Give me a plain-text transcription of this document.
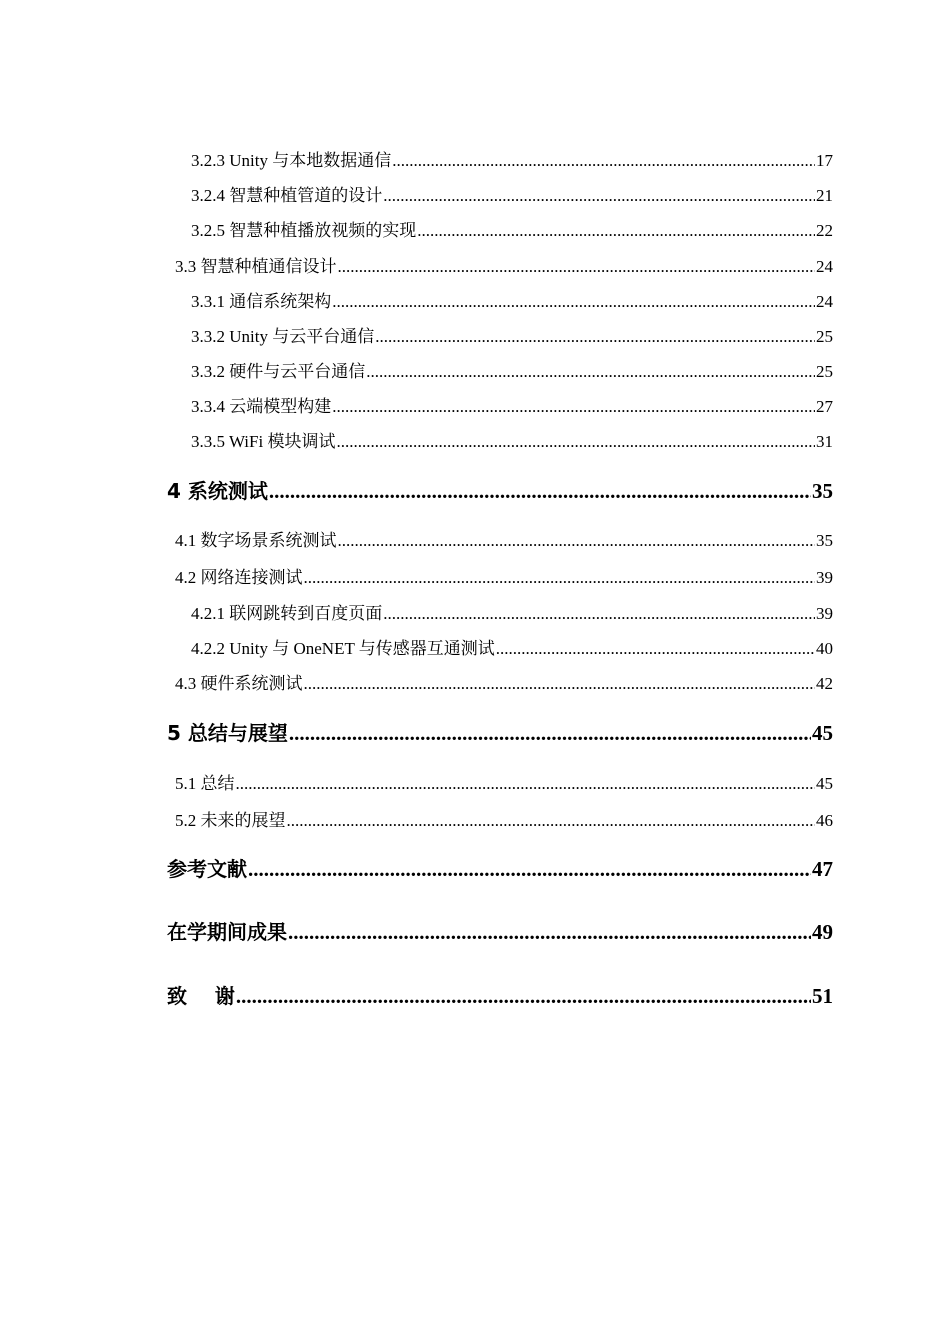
3.2.3 Unity 与本地数据通信 .....	17
3.2.4 智慧种植管道的设计 .....	21
3.2.5 智慧种植播放视频的实现 .....	22
3.3 智慧种植通信设计 .....	24
3.3.1 通信系统架构 .....	24
3.3.2 Unity 与云平台通信 .....	25
3.3.2 硬件与云平台通信 .....	25
3.3.4 云端模型构建 .....	27
3.3.5 WiFi 模块调试 .....	31
4 系统测试 .....	35
4.1 数字场景系统测试 .....	35
4.2 网络连接测试 .....	39
4.2.1 联网跳转到百度页面 .....	39
4.2.2 Unity 与 OneNET 与传感器互通测试 .....	40
4.3 硬件系统测试 .....	42
5 总结与展望 .....	45
5.1 总结 .....	45
5.2 未来的展望 .....	46
参考文献 .....	47
在学期间成果 .....	49
致    谢 .....	51
